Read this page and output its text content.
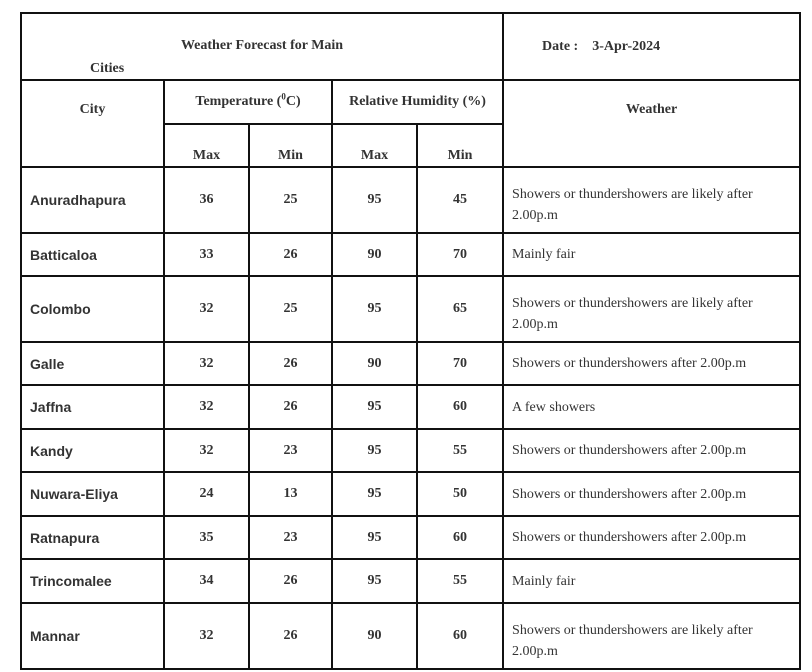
Weather Forecast for Main
Cities					Date : 3-Apr-2024
City	Temperature ($^0$C)		Relative Humidity (%)		Weather
	Max	Min	Max	Min	
Anuradhapura	36	25	95	45	Showers or thundershowers are likely after 2.00p.m
Batticaloa	33	26	90	70	Mainly fair
Colombo	32	25	95	65	Showers or thundershowers are likely after 2.00p.m
Galle	32	26	90	70	Showers or thundershowers after 2.00p.m
Jaffna	32	26	95	60	A few showers
Kandy	32	23	95	55	Showers or thundershowers after 2.00p.m
Nuwara-Eliya	24	13	95	50	Showers or thundershowers after 2.00p.m
Ratnapura	35	23	95	60	Showers or thundershowers after 2.00p.m
Trincomalee	34	26	95	55	Mainly fair
Mannar	32	26	90	60	Showers or thundershowers are likely after 2.00p.m
